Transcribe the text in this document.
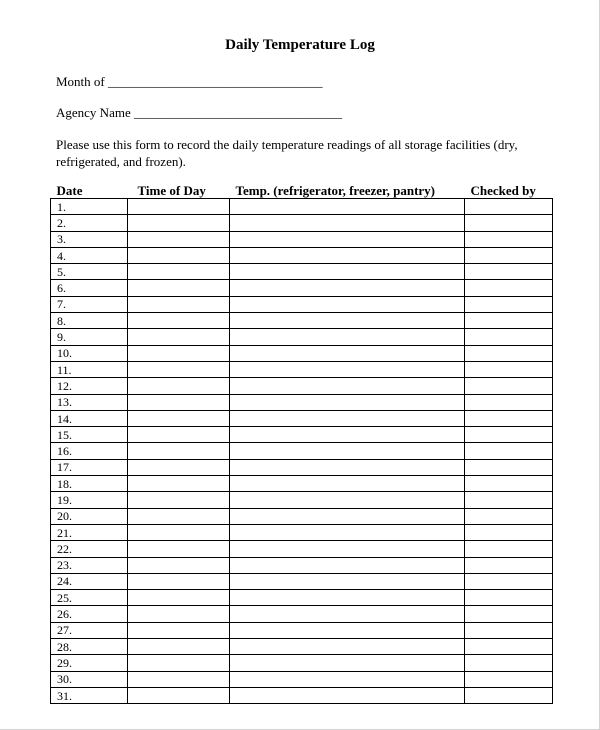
Daily Temperature Log
Month of _________________________________
Agency Name ________________________________
Please use this form to record the daily temperature readings of all storage facilities (dry, refrigerated, and frozen).
Date	Time of Day	Temp. (refrigerator, freezer, pantry)	Checked by
1.			
2.			
3.			
4.			
5.			
6.			
7.			
8.			
9.			
10.			
11.			
12.			
13.			
14.			
15.			
16.			
17.			
18.			
19.			
20.			
21.			
22.			
23.			
24.			
25.			
26.			
27.			
28.			
29.			
30.			
31.			
